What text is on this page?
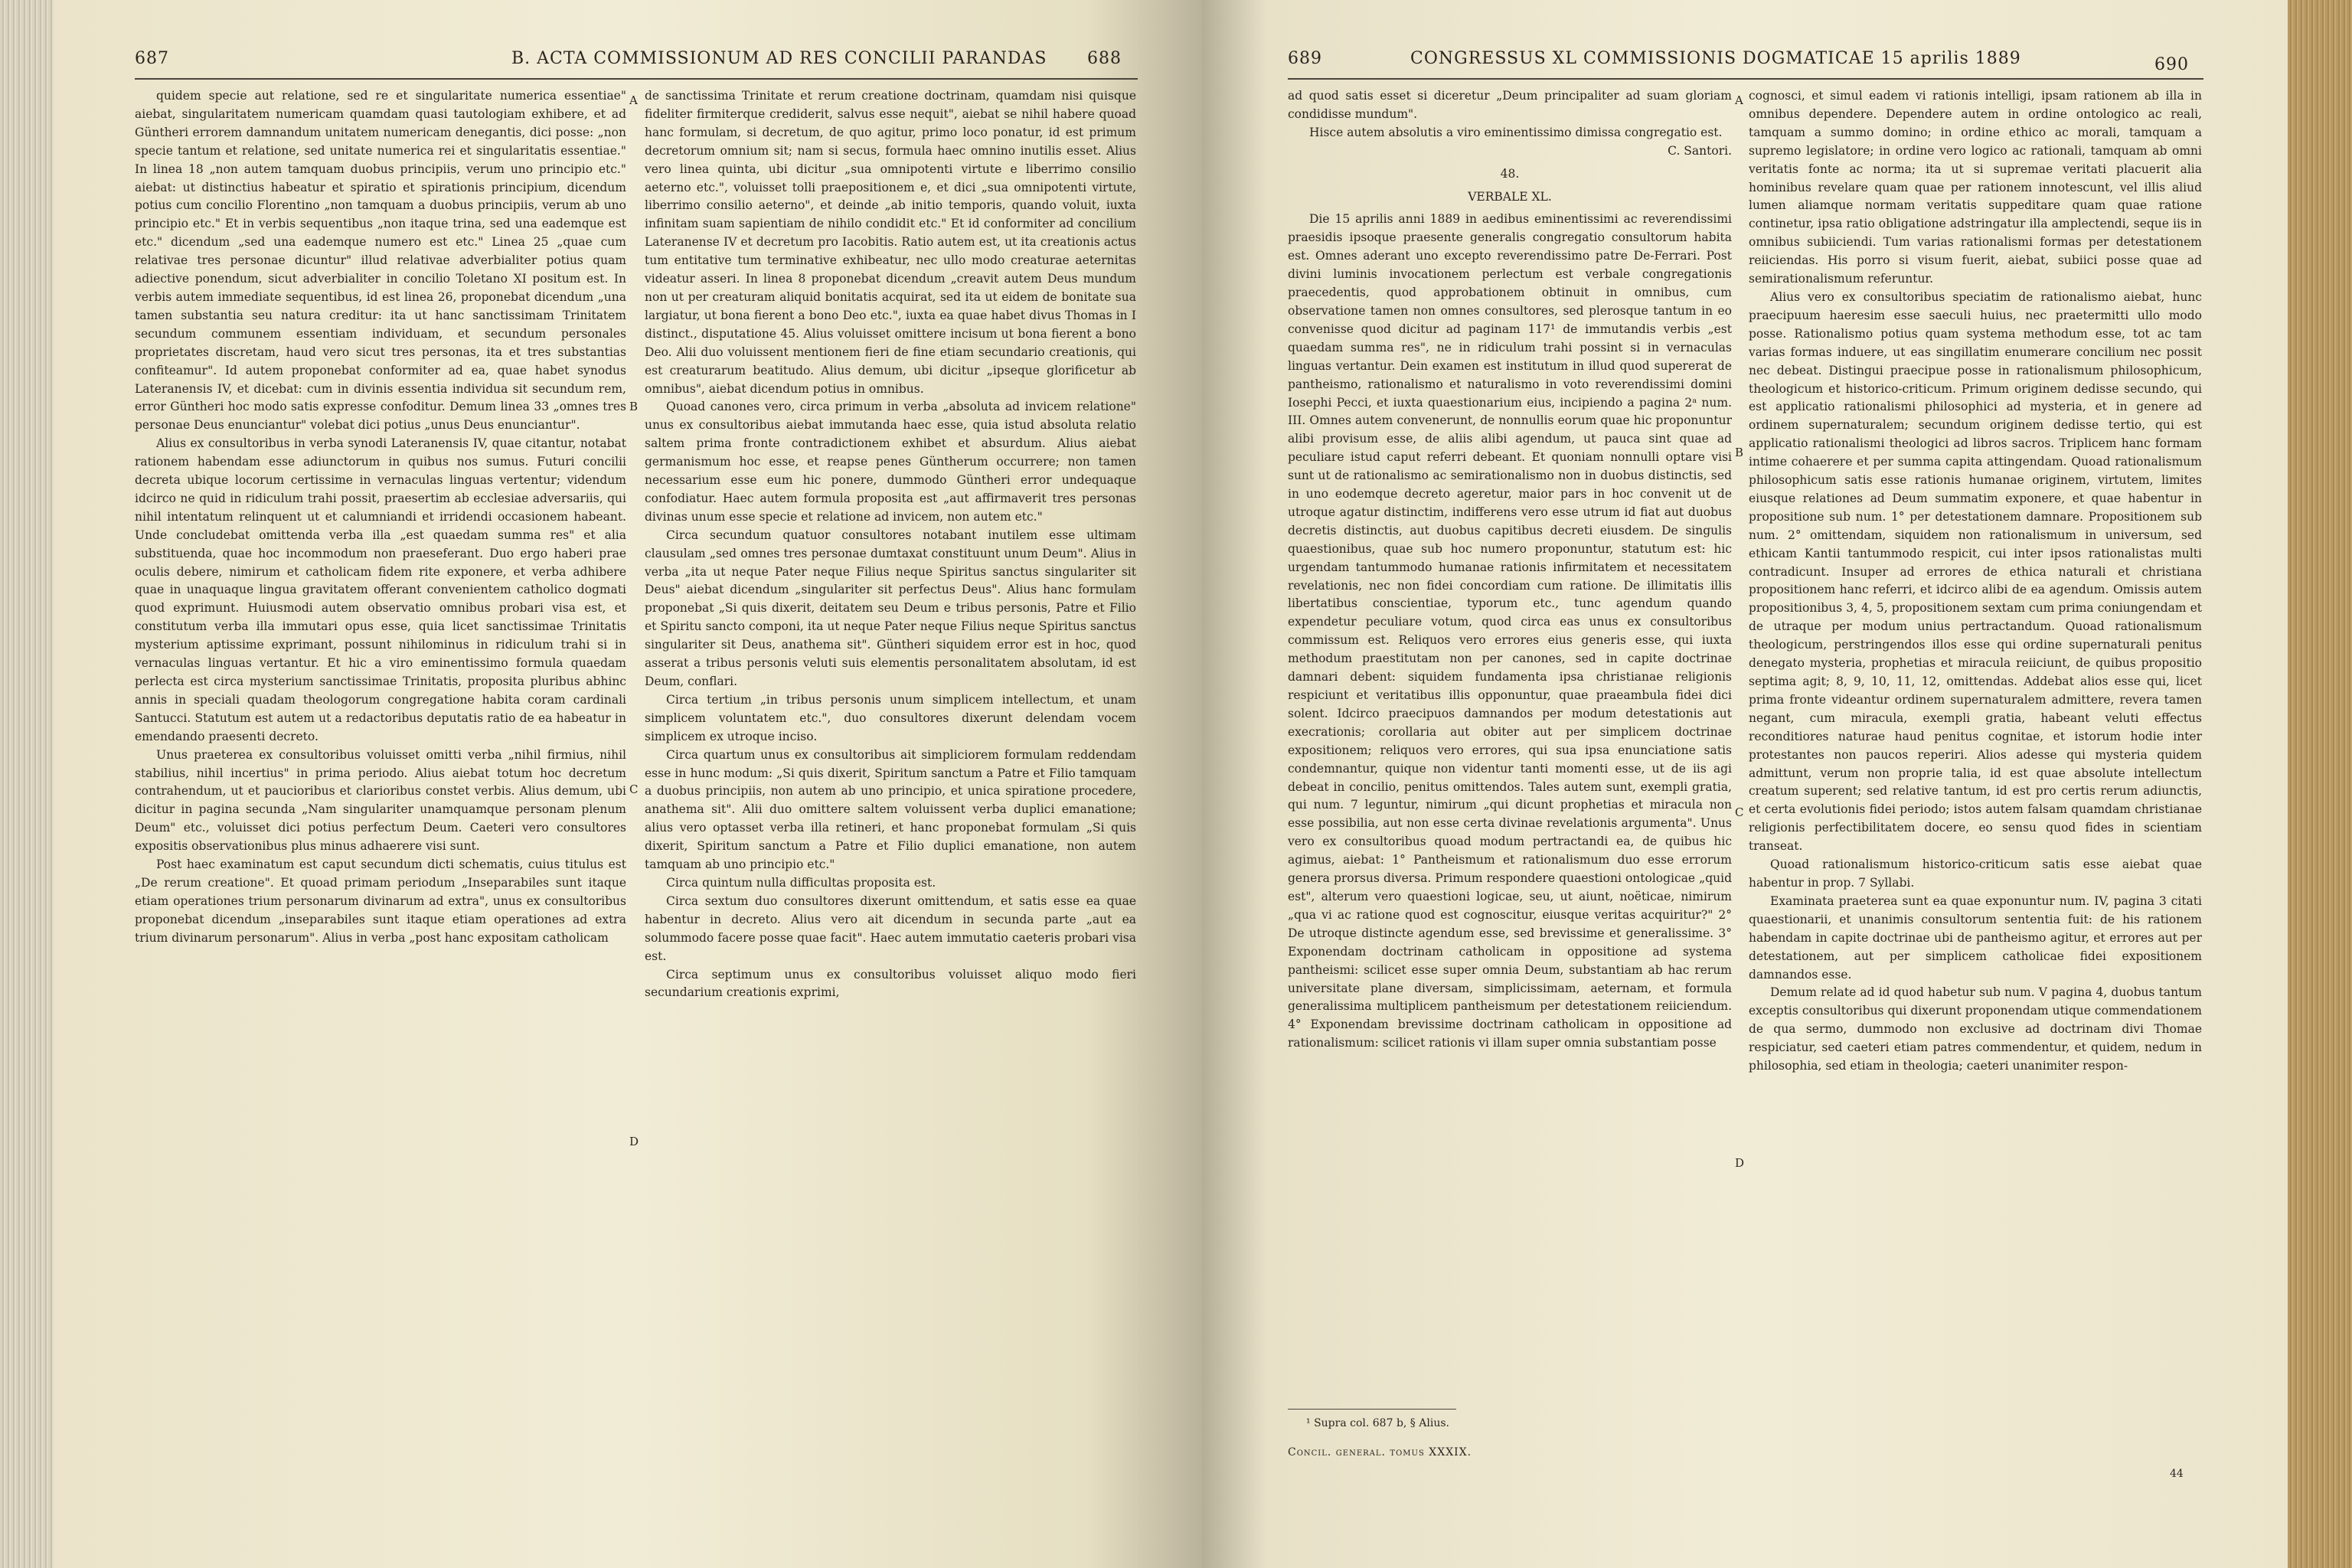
687	B. ACTA COMMISSIONUM AD RES CONCILII PARANDAS 688

quidem specie aut relatione, sed re et singularitate numerica essentiae" aiebat, singularitatem numericam quamdam quasi tautologiam exhibere, et ad Güntheri errorem damnandum unitatem numericam denegantis, dici posse: „non specie tantum et relatione, sed unitate numerica rei et singularitatis essentiae." In linea 18 „non autem tamquam duobus principiis, verum uno principio etc." aiebat: ut distinctius habeatur et spiratio et spirationis principium, dicendum potius cum concilio Florentino „non tamquam a duobus principiis, verum ab uno principio etc." Et in verbis sequentibus „non itaque trina, sed una eademque est etc." dicendum „sed una eademque numero est etc." Linea 25 „quae cum relativae tres personae dicuntur" illud relativae adverbialiter potius quam adiective ponendum, sicut adverbialiter in concilio Toletano XI positum est. In verbis autem immediate sequentibus, id est linea 26, proponebat dicendum „una tamen substantia seu natura creditur: ita ut hanc sanctissimam Trinitatem secundum communem essentiam individuam, et secundum personales proprietates discretam, haud vero sicut tres personas, ita et tres substantias confiteamur". Id autem proponebat conformiter ad ea, quae habet synodus Lateranensis IV, et dicebat: cum in divinis essentia individua sit secundum rem, error Güntheri hoc modo satis expresse confoditur. Demum linea 33 „omnes tres personae Deus enunciantur" volebat dici potius „unus Deus enunciantur".

Alius ex consultoribus in verba synodi Lateranensis IV, quae citantur, notabat rationem habendam esse adiunctorum in quibus nos sumus. Futuri concilii decreta ubique locorum certissime in vernaculas linguas vertentur; videndum idcirco ne quid in ridiculum trahi possit, praesertim ab ecclesiae adversariis, qui nihil intentatum relinquent ut et calumniandi et irridendi occasionem habeant. Unde concludebat omittenda verba illa „est quaedam summa res" et alia substituenda, quae hoc incommodum non praeseferant. Duo ergo haberi prae oculis debere, nimirum et catholicam fidem rite exponere, et verba adhibere quae in unaquaque lingua gravitatem offerant convenientem catholico dogmati quod exprimunt. Huiusmodi autem observatio omnibus probari visa est, et constitutum verba illa immutari opus esse, quia licet sanctissimae Trinitatis mysterium aptissime exprimant, possunt nihilominus in ridiculum trahi si in vernaculas linguas vertantur. Et hic a viro eminentissimo formula quaedam perlecta est circa mysterium sanctissimae Trinitatis, proposita pluribus abhinc annis in speciali quadam theologorum congregatione habita coram cardinali Santucci. Statutum est autem ut a redactoribus deputatis ratio de ea habeatur in emendando praesenti decreto.

Unus praeterea ex consultoribus voluisset omitti verba „nihil firmius, nihil stabilius, nihil incertius" in prima periodo. Alius aiebat totum hoc decretum contrahendum, ut et paucioribus et clarioribus constet verbis. Alius demum, ubi dicitur in pagina secunda „Nam singulariter unamquamque personam plenum Deum" etc., voluisset dici potius perfectum Deum. Caeteri vero consultores expositis observationibus plus minus adhaerere visi sunt.

Post haec examinatum est caput secundum dicti schematis, cuius titulus est „De rerum creatione". Et quoad primam periodum „Inseparabiles sunt itaque etiam operationes trium personarum divinarum ad extra", unus ex consultoribus proponebat dicendum „inseparabiles sunt itaque etiam operationes ad extra trium divinarum personarum". Alius in verba „post hanc expositam catholicam

A
B
C
D

de sanctissima Trinitate et rerum creatione doctrinam, quamdam nisi quisque fideliter firmiterque crediderit, salvus esse nequit", aiebat se nihil habere quoad hanc formulam, si decretum, de quo agitur, primo loco ponatur, id est primum decretorum omnium sit; nam si secus, formula haec omnino inutilis esset. Alius vero linea quinta, ubi dicitur „sua omnipotenti virtute e liberrimo consilio aeterno etc.", voluisset tolli praepositionem e, et dici „sua omnipotenti virtute, liberrimo consilio aeterno", et deinde „ab initio temporis, quando voluit, iuxta infinitam suam sapientiam de nihilo condidit etc." Et id conformiter ad concilium Lateranense IV et decretum pro Iacobitis. Ratio autem est, ut ita creationis actus tum entitative tum terminative exhibeatur, nec ullo modo creaturae aeternitas videatur asseri. In linea 8 proponebat dicendum „creavit autem Deus mundum non ut per creaturam aliquid bonitatis acquirat, sed ita ut eidem de bonitate sua largiatur, ut bona fierent a bono Deo etc.", iuxta ea quae habet divus Thomas in I distinct., disputatione 45. Alius voluisset omittere incisum ut bona fierent a bono Deo. Alii duo voluissent mentionem fieri de fine etiam secundario creationis, qui est creaturarum beatitudo. Alius demum, ubi dicitur „ipseque glorificetur ab omnibus", aiebat dicendum potius in omnibus.

Quoad canones vero, circa primum in verba „absoluta ad invicem relatione" unus ex consultoribus aiebat immutanda haec esse, quia istud absoluta relatio saltem prima fronte contradictionem exhibet et absurdum. Alius aiebat germanismum hoc esse, et reapse penes Güntherum occurrere; non tamen necessarium esse eum hic ponere, dummodo Güntheri error undequaque confodiatur. Haec autem formula proposita est „aut affirmaverit tres personas divinas unum esse specie et relatione ad invicem, non autem etc."

Circa secundum quatuor consultores notabant inutilem esse ultimam clausulam „sed omnes tres personae dumtaxat constituunt unum Deum". Alius in verba „ita ut neque Pater neque Filius neque Spiritus sanctus singulariter sit Deus" aiebat dicendum „singulariter sit perfectus Deus". Alius hanc formulam proponebat „Si quis dixerit, deitatem seu Deum e tribus personis, Patre et Filio et Spiritu sancto componi, ita ut neque Pater neque Filius neque Spiritus sanctus singulariter sit Deus, anathema sit". Güntheri siquidem error est in hoc, quod asserat a tribus personis veluti suis elementis personalitatem absolutam, id est Deum, conflari.

Circa tertium „in tribus personis unum simplicem intellectum, et unam simplicem voluntatem etc.", duo consultores dixerunt delendam vocem simplicem ex utroque inciso.

Circa quartum unus ex consultoribus ait simpliciorem formulam reddendam esse in hunc modum: „Si quis dixerit, Spiritum sanctum a Patre et Filio tamquam a duobus principiis, non autem ab uno principio, et unica spiratione procedere, anathema sit". Alii duo omittere saltem voluissent verba duplici emanatione; alius vero optasset verba illa retineri, et hanc proponebat formulam „Si quis dixerit, Spiritum sanctum a Patre et Filio duplici emanatione, non autem tamquam ab uno principio etc."

Circa quintum nulla difficultas proposita est.

Circa sextum duo consultores dixerunt omittendum, et satis esse ea quae habentur in decreto. Alius vero ait dicendum in secunda parte „aut ea solummodo facere posse quae facit". Haec autem immutatio caeteris probari visa est.

Circa septimum unus ex consultoribus voluisset aliquo modo fieri secundarium creationis exprimi,

689	CONGRESSUS XL COMMISSIONIS DOGMATICAE 15 aprilis 1889	690

ad quod satis esset si diceretur „Deum principaliter ad suam gloriam condidisse mundum".

Hisce autem absolutis a viro eminentissimo dimissa congregatio est.

C. Santori.

48.

VERBALE XL.

Die 15 aprilis anni 1889 in aedibus eminentissimi ac reverendissimi praesidis ipsoque praesente generalis congregatio consultorum habita est. Omnes aderant uno excepto reverendissimo patre De-Ferrari. Post divini luminis invocationem perlectum est verbale congregationis praecedentis, quod approbationem obtinuit in omnibus, cum observatione tamen non omnes consultores, sed plerosque tantum in eo convenisse quod dicitur ad paginam 117¹ de immutandis verbis „est quaedam summa res", ne in ridiculum trahi possint si in vernaculas linguas vertantur. Dein examen est institutum in illud quod supererat de pantheismo, rationalismo et naturalismo in voto reverendissimi domini Iosephi Pecci, et iuxta quaestionarium eius, incipiendo a pagina 2ᵃ num. III. Omnes autem convenerunt, de nonnullis eorum quae hic proponuntur alibi provisum esse, de aliis alibi agendum, ut pauca sint quae ad peculiare istud caput referri debeant. Et quoniam nonnulli optare visi sunt ut de rationalismo ac semirationalismo non in duobus distinctis, sed in uno eodemque decreto ageretur, maior pars in hoc convenit ut de utroque agatur distinctim, indifferens vero esse utrum id fiat aut duobus decretis distinctis, aut duobus capitibus decreti eiusdem. De singulis quaestionibus, quae sub hoc numero proponuntur, statutum est: hic urgendam tantummodo humanae rationis infirmitatem et necessitatem revelationis, nec non fidei concordiam cum ratione. De illimitatis illis libertatibus conscientiae, typorum etc., tunc agendum quando expendetur peculiare votum, quod circa eas unus ex consultoribus commissum est. Reliquos vero errores eius generis esse, qui iuxta methodum praestitutam non per canones, sed in capite doctrinae damnari debent: siquidem fundamenta ipsa christianae religionis respiciunt et veritatibus illis opponuntur, quae praeambula fidei dici solent. Idcirco praecipuos damnandos per modum detestationis aut execrationis; corollaria aut obiter aut per simplicem doctrinae expositionem; reliquos vero errores, qui sua ipsa enunciatione satis condemnantur, quique non videntur tanti momenti esse, ut de iis agi debeat in concilio, penitus omittendos. Tales autem sunt, exempli gratia, qui num. 7 leguntur, nimirum „qui dicunt prophetias et miracula non esse possibilia, aut non esse certa divinae revelationis argumenta". Unus vero ex consultoribus quoad modum pertractandi ea, de quibus hic agimus, aiebat: 1° Pantheismum et rationalismum duo esse errorum genera prorsus diversa. Primum respondere quaestioni ontologicae „quid est", alterum vero quaestioni logicae, seu, ut aiunt, noëticae, nimirum „qua vi ac ratione quod est cognoscitur, eiusque veritas acquiritur?" 2° De utroque distincte agendum esse, sed brevissime et generalissime. 3° Exponendam doctrinam catholicam in oppositione ad systema pantheismi: scilicet esse super omnia Deum, substantiam ab hac rerum universitate plane diversam, simplicissimam, aeternam, et formula generalissima multiplicem pantheismum per detestationem reiiciendum. 4° Exponendam brevissime doctrinam catholicam in oppositione ad rationalismum: scilicet rationis vi illam super omnia substantiam posse

A
B
C
D

cognosci, et simul eadem vi rationis intelligi, ipsam rationem ab illa in omnibus dependere. Dependere autem in ordine ontologico ac reali, tamquam a summo domino; in ordine ethico ac morali, tamquam a supremo legislatore; in ordine vero logico ac rationali, tamquam ab omni veritatis fonte ac norma; ita ut si supremae veritati placuerit alia hominibus revelare quam quae per rationem innotescunt, vel illis aliud lumen aliamque normam veritatis suppeditare quam quae ratione continetur, ipsa ratio obligatione adstringatur illa amplectendi, seque iis in omnibus subiiciendi. Tum varias rationalismi formas per detestationem reiiciendas. His porro si visum fuerit, aiebat, subiici posse quae ad semirationalismum referuntur.

Alius vero ex consultoribus speciatim de rationalismo aiebat, hunc praecipuum haeresim esse saeculi huius, nec praetermitti ullo modo posse. Rationalismo potius quam systema methodum esse, tot ac tam varias formas induere, ut eas singillatim enumerare concilium nec possit nec debeat. Distingui praecipue posse in rationalismum philosophicum, theologicum et historico-criticum. Primum originem dedisse secundo, qui est applicatio rationalismi philosophici ad mysteria, et in genere ad ordinem supernaturalem; secundum originem dedisse tertio, qui est applicatio rationalismi theologici ad libros sacros. Triplicem hanc formam intime cohaerere et per summa capita attingendam. Quoad rationalismum philosophicum satis esse rationis humanae originem, virtutem, limites eiusque relationes ad Deum summatim exponere, et quae habentur in propositione sub num. 1° per detestationem damnare. Propositionem sub num. 2° omittendam, siquidem non rationalismum in universum, sed ethicam Kantii tantummodo respicit, cui inter ipsos rationalistas multi contradicunt. Insuper ad errores de ethica naturali et christiana propositionem hanc referri, et idcirco alibi de ea agendum. Omissis autem propositionibus 3, 4, 5, propositionem sextam cum prima coniungendam et de utraque per modum unius pertractandum. Quoad rationalismum theologicum, perstringendos illos esse qui ordine supernaturali penitus denegato mysteria, prophetias et miracula reiiciunt, de quibus propositio septima agit; 8, 9, 10, 11, 12, omittendas. Addebat alios esse qui, licet prima fronte videantur ordinem supernaturalem admittere, revera tamen negant, cum miracula, exempli gratia, habeant veluti effectus reconditiores naturae haud penitus cognitae, et istorum hodie inter protestantes non paucos reperiri. Alios adesse qui mysteria quidem admittunt, verum non proprie talia, id est quae absolute intellectum creatum superent; sed relative tantum, id est pro certis rerum adiunctis, et certa evolutionis fidei periodo; istos autem falsam quamdam christianae religionis perfectibilitatem docere, eo sensu quod fides in scientiam transeat.

Quoad rationalismum historico-criticum satis esse aiebat quae habentur in prop. 7 Syllabi.

Examinata praeterea sunt ea quae exponuntur num. IV, pagina 3 citati quaestionarii, et unanimis consultorum sententia fuit: de his rationem habendam in capite doctrinae ubi de pantheismo agitur, et errores aut per detestationem, aut per simplicem catholicae fidei expositionem damnandos esse.

Demum relate ad id quod habetur sub num. V pagina 4, duobus tantum exceptis consultoribus qui dixerunt proponendam utique commendationem de qua sermo, dummodo non exclusive ad doctrinam divi Thomae respiciatur, sed caeteri etiam patres commendentur, et quidem, nedum in philosophia, sed etiam in theologia; caeteri unanimiter respon-

¹ Supra col. 687 b, § Alius.
Concil. general. tomus XXXIX.
44
